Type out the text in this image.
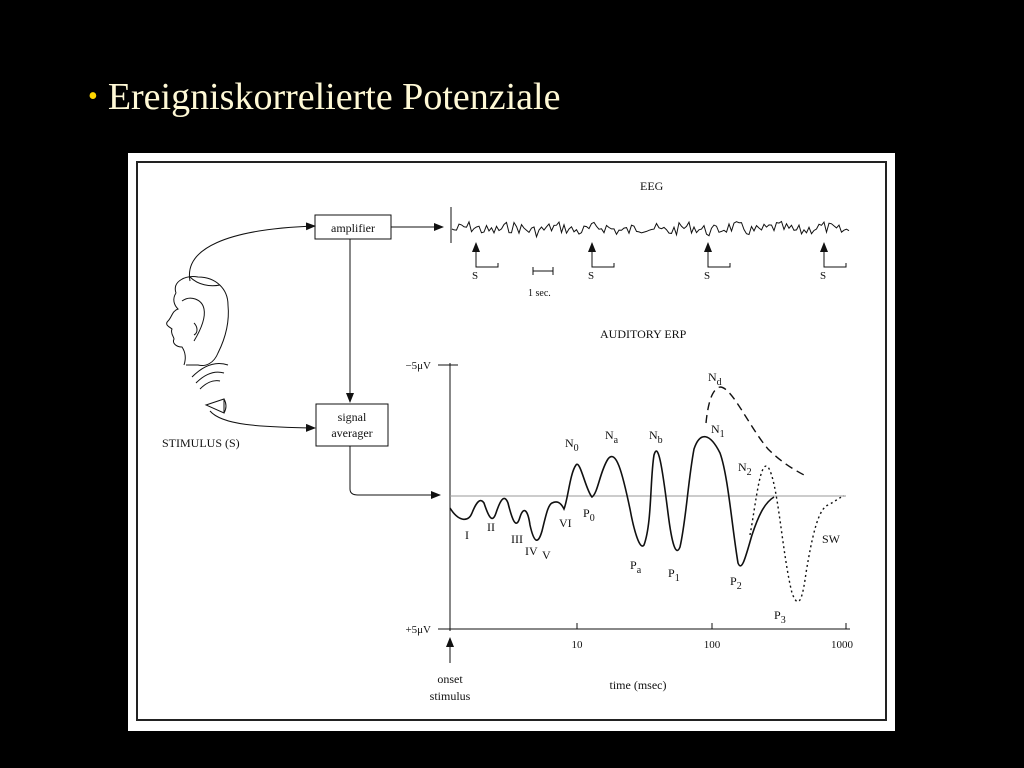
• Ereigniskorrelierte Potenziale
EEG
amplifier
signal
averager
STIMULUS (S)
S	S	S	S
1 sec.
AUDITORY ERP
−5μV
+5μV
10	100	1000
time (msec)
onset
stimulus
I
II
III
IV V
VI
$N_0$
$P_0$
$N_a$
$P_a$
$N_b$
$P_1$
$N_1$
$N_d$
$N_2$
$P_2$
$P_3$
SW
